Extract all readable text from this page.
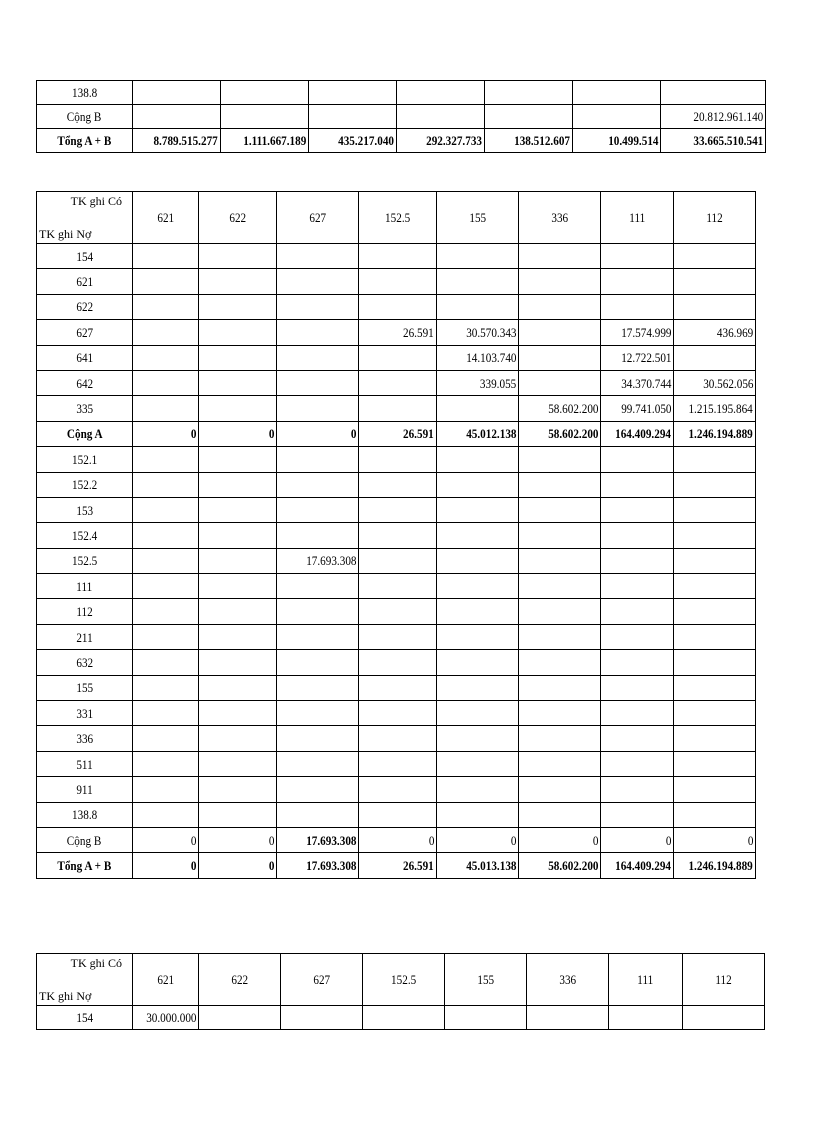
138.8							
Cộng B							20.812.961.140
Tổng A + B	8.789.515.277	1.111.667.189	435.217.040	292.327.733	138.512.607	10.499.514	33.665.510.541
TK ghi Có
TK ghi Nợ	621	622	627	152.5	155	336	111	112
154								
621								
622								
627				26.591	30.570.343		17.574.999	436.969
641					14.103.740		12.722.501	
642					339.055		34.370.744	30.562.056
335						58.602.200	99.741.050	1.215.195.864
Cộng A	0	0	0	26.591	45.012.138	58.602.200	164.409.294	1.246.194.889
152.1								
152.2								
153								
152.4								
152.5			17.693.308					
111								
112								
211								
632								
155								
331								
336								
511								
911								
138.8								
Cộng B	0	0	17.693.308	0	0	0	0	0
Tổng A + B	0	0	17.693.308	26.591	45.013.138	58.602.200	164.409.294	1.246.194.889
TK ghi Có
TK ghi Nợ	621	622	627	152.5	155	336	111	112
154	30.000.000							
